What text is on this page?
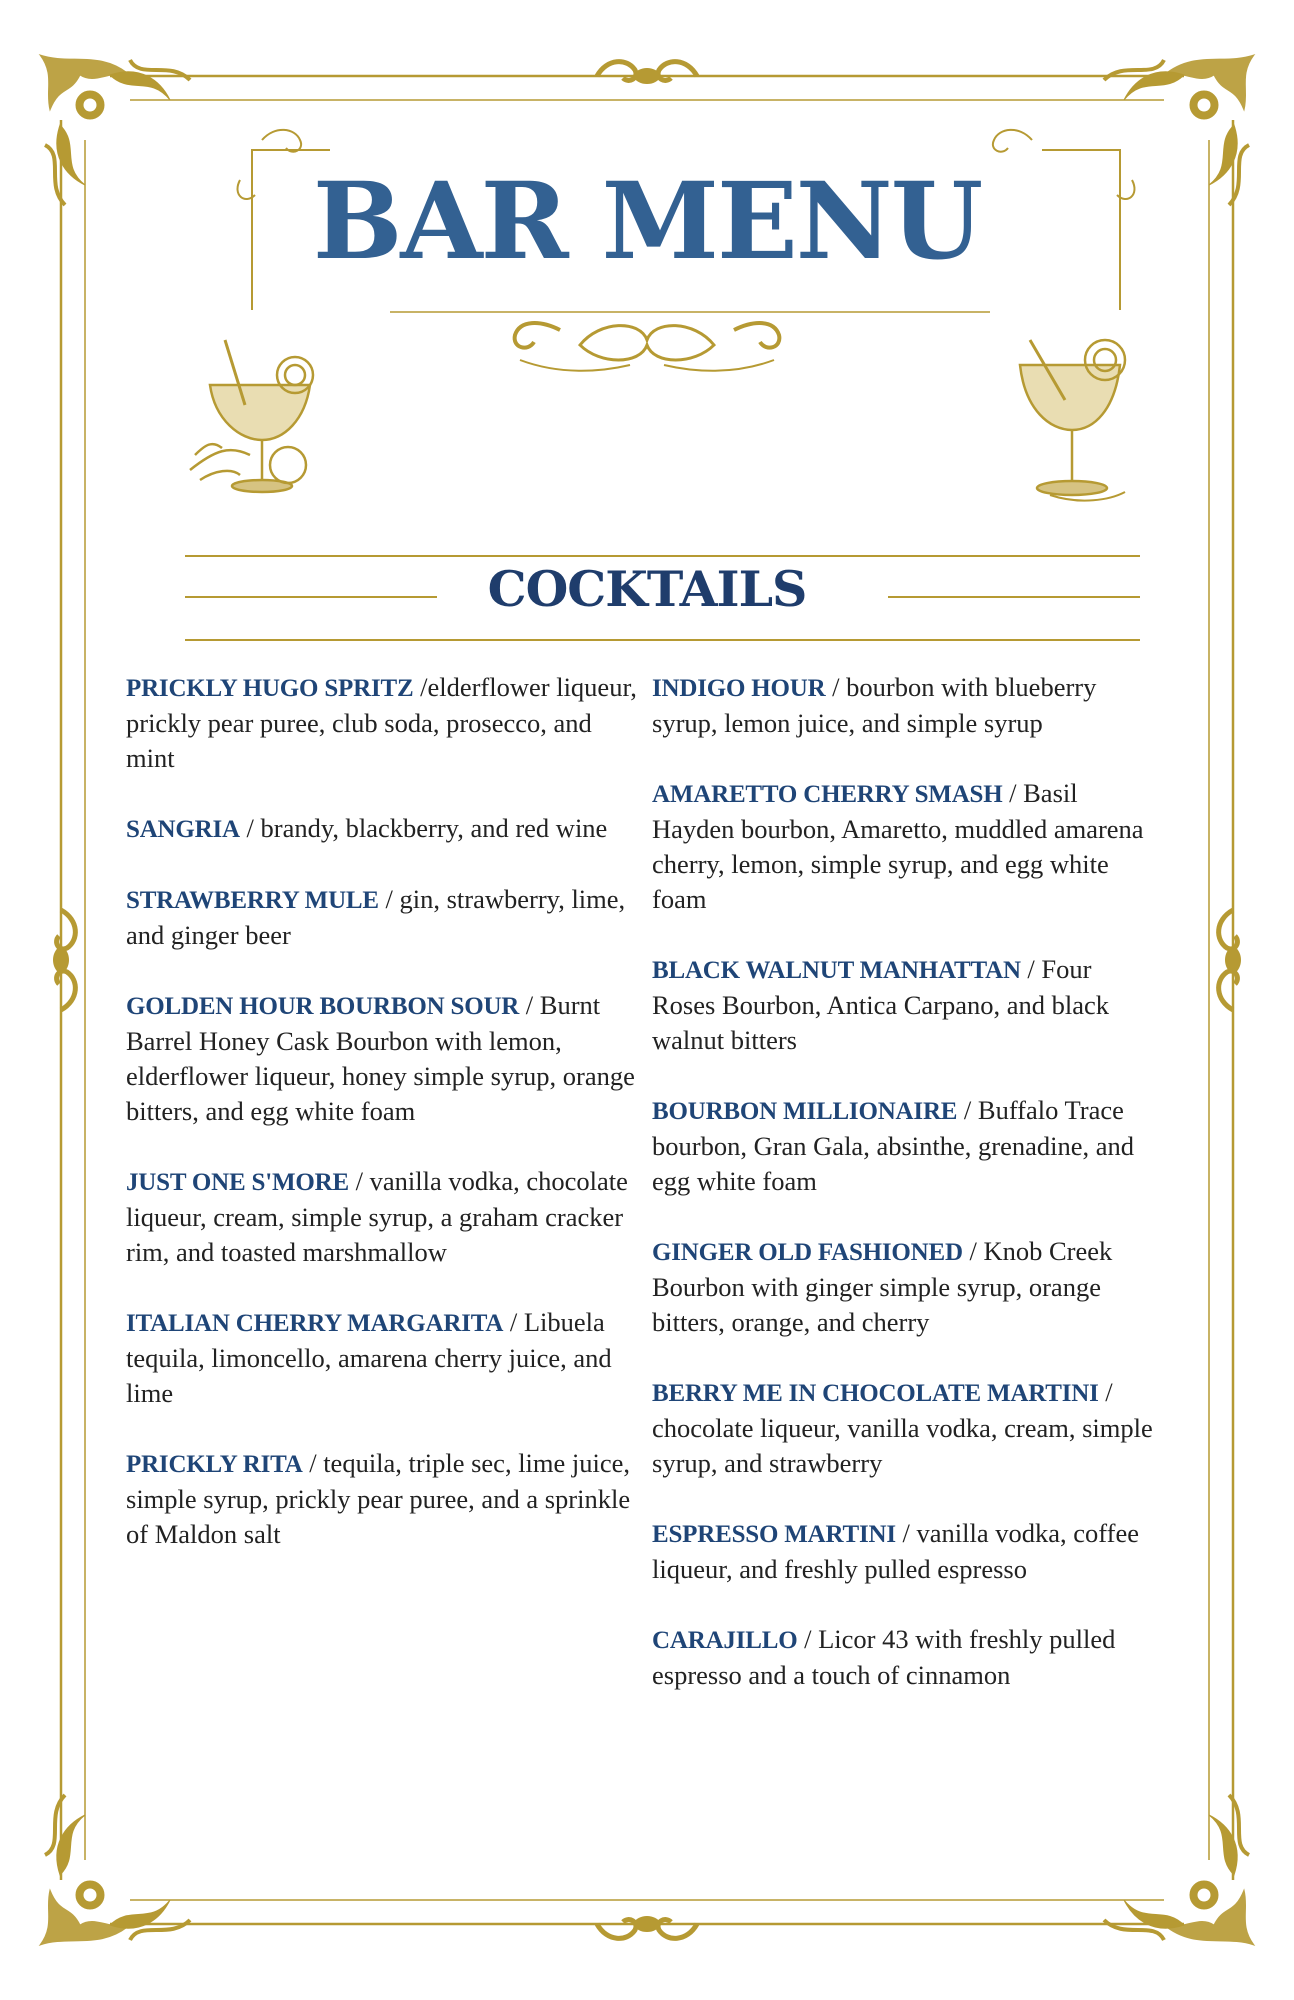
BAR MENU
COCKTAILS

PRICKLY HUGO SPRITZ /elderflower liqueur, prickly pear puree, club soda, prosecco, and mint

SANGRIA / brandy, blackberry, and red wine

STRAWBERRY MULE / gin, strawberry, lime, and ginger beer

GOLDEN HOUR BOURBON SOUR / Burnt Barrel Honey Cask Bourbon with lemon, elderflower liqueur, honey simple syrup, orange bitters, and egg white foam

JUST ONE S'MORE / vanilla vodka, chocolate liqueur, cream, simple syrup, a graham cracker rim, and toasted marshmallow

ITALIAN CHERRY MARGARITA / Libuela tequila, limoncello, amarena cherry juice, and lime

PRICKLY RITA / tequila, triple sec, lime juice, simple syrup, prickly pear puree, and a sprinkle of Maldon salt

INDIGO HOUR / bourbon with blueberry syrup, lemon juice, and simple syrup

AMARETTO CHERRY SMASH / Basil Hayden bourbon, Amaretto, muddled amarena cherry, lemon, simple syrup, and egg white foam

BLACK WALNUT MANHATTAN / Four Roses Bourbon, Antica Carpano, and black walnut bitters

BOURBON MILLIONAIRE / Buffalo Trace bourbon, Gran Gala, absinthe, grenadine, and egg white foam

GINGER OLD FASHIONED / Knob Creek Bourbon with ginger simple syrup, orange bitters, orange, and cherry

BERRY ME IN CHOCOLATE MARTINI / chocolate liqueur, vanilla vodka, cream, simple syrup, and strawberry

ESPRESSO MARTINI / vanilla vodka, coffee liqueur, and freshly pulled espresso

CARAJILLO / Licor 43 with freshly pulled espresso and a touch of cinnamon
